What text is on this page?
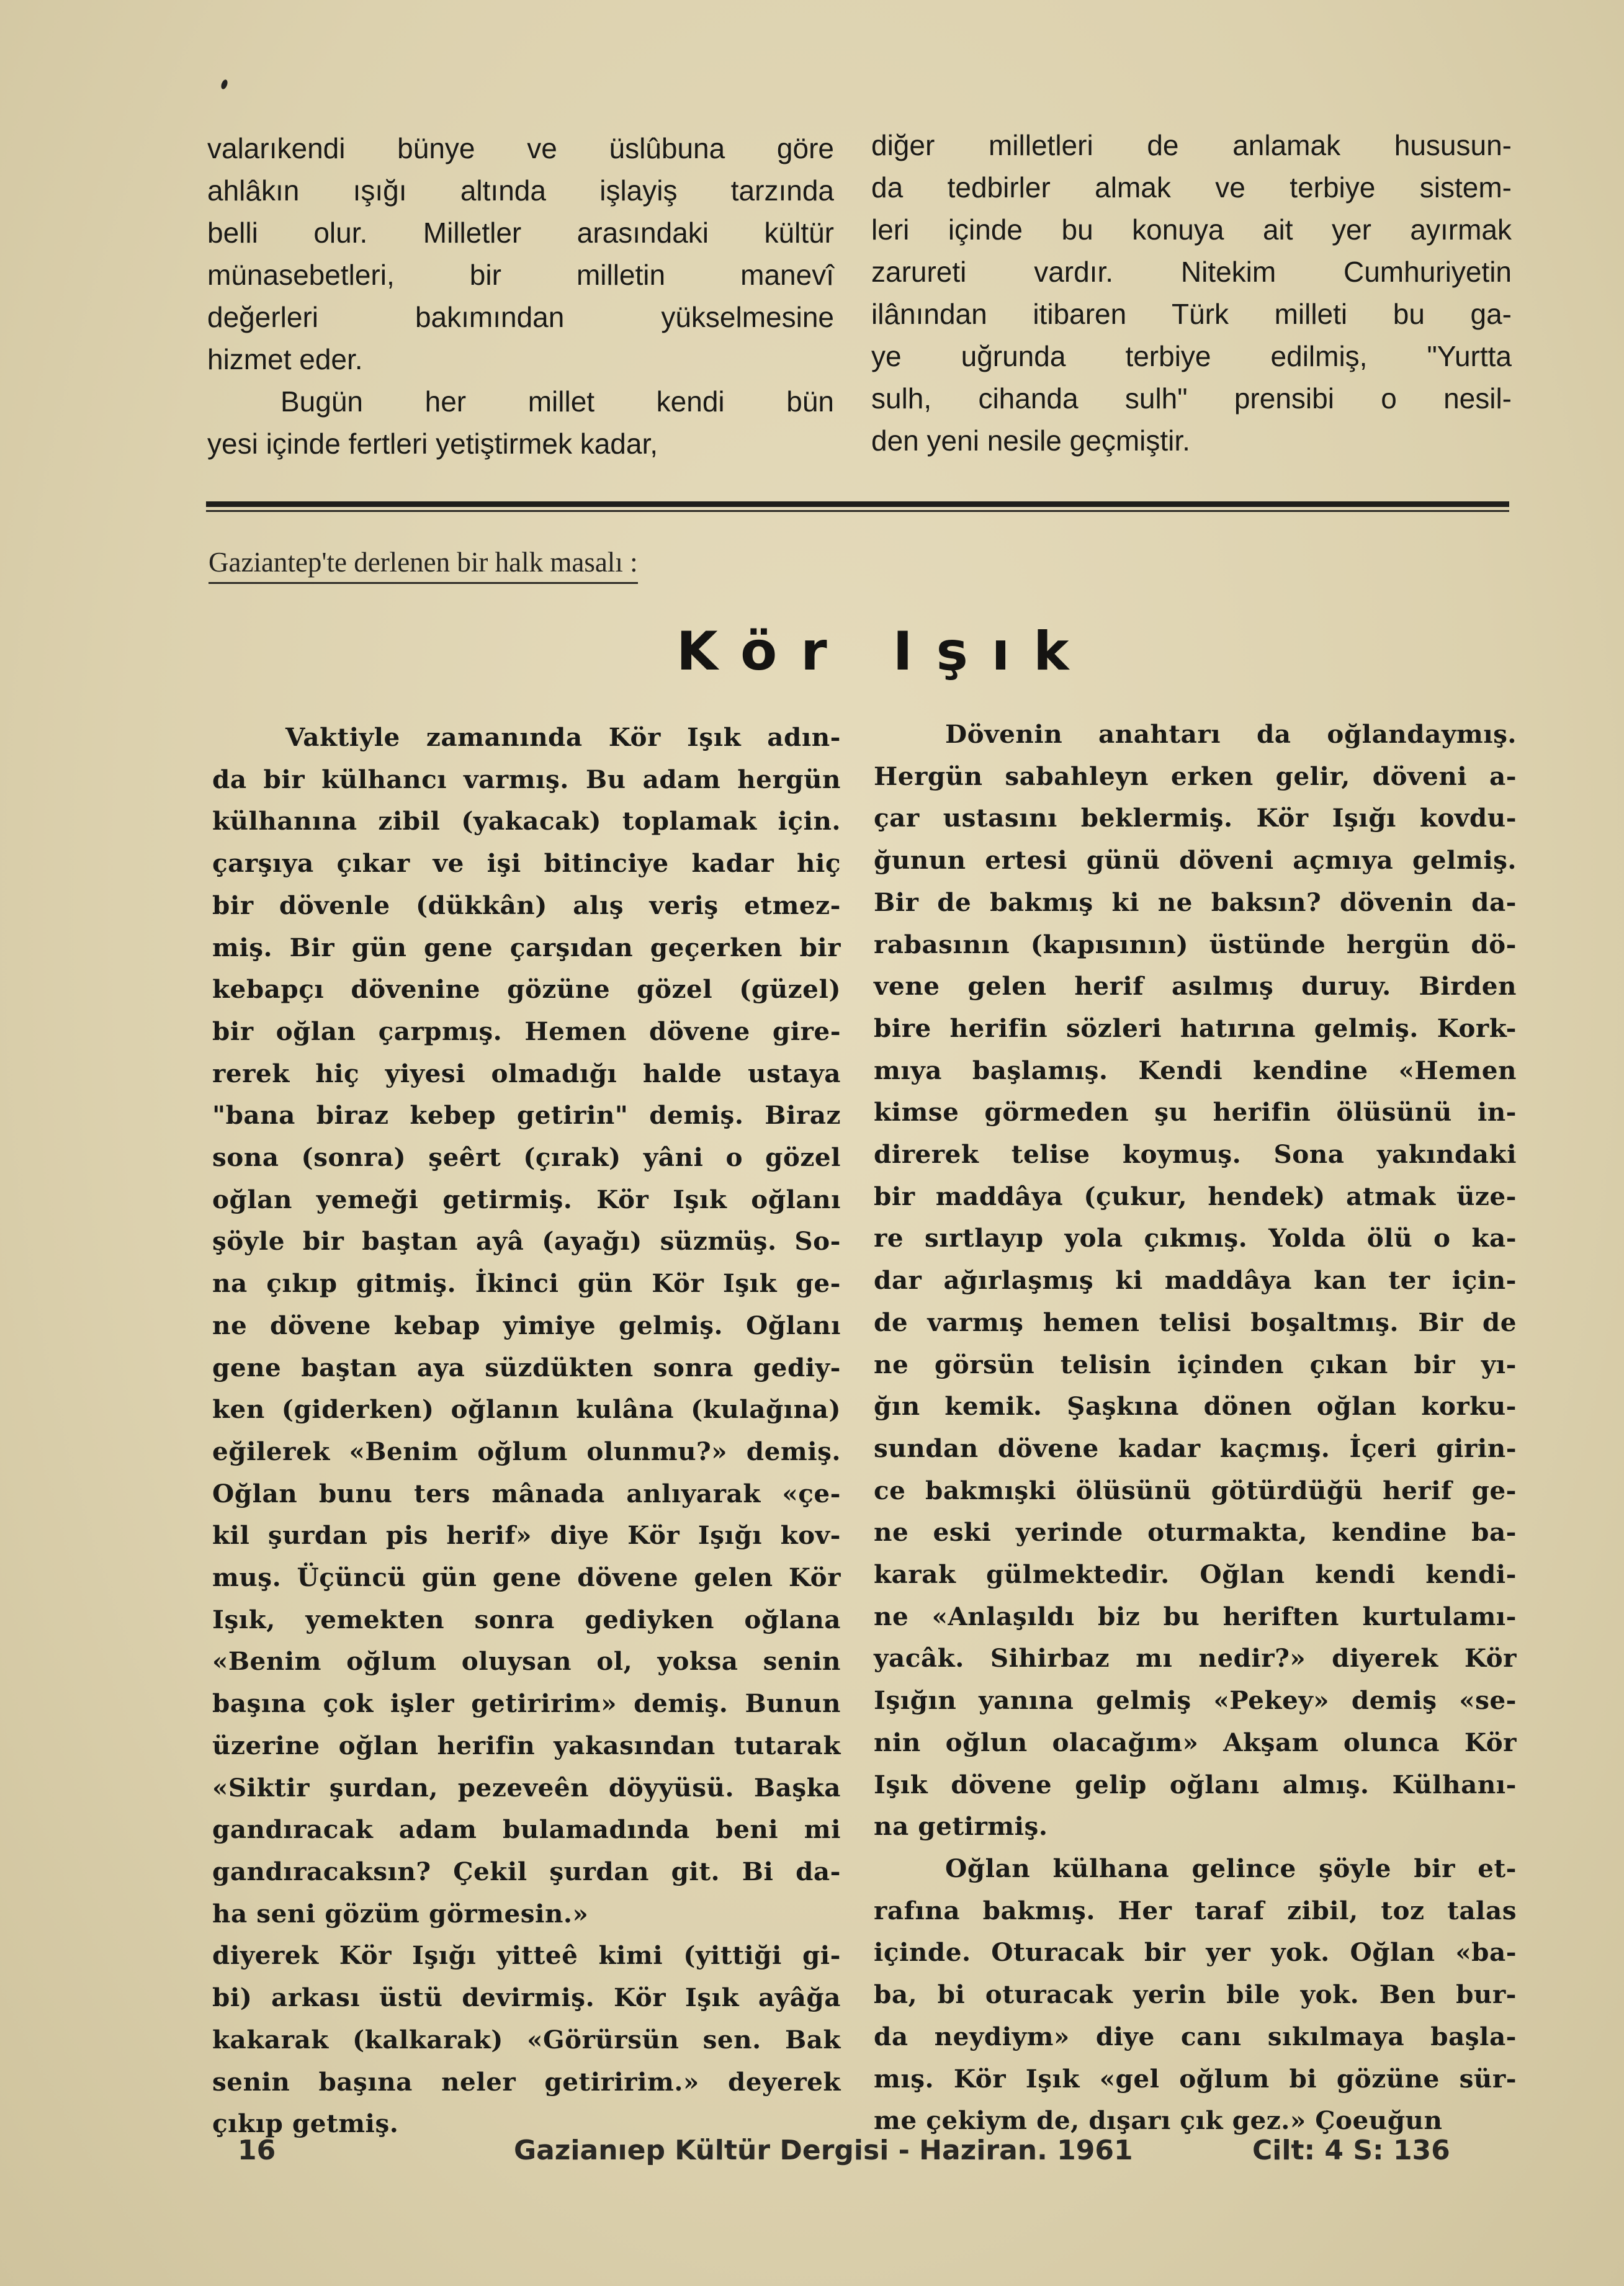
valarıkendi bünye ve üslûbuna göre
ahlâkın ışığı altında işlayiş tarzında
belli olur. Milletler arasındaki kültür
münasebetleri, bir milletin manevî
değerleri bakımından yükselmesine
hizmet eder.
Bugün her millet kendi bün
yesi içinde fertleri yetiştirmek kadar,
diğer milletleri de anlamak hususun-
da tedbirler almak ve terbiye sistem-
leri içinde bu konuya ait yer ayırmak
zarureti vardır. Nitekim Cumhuriyetin
ilânından itibaren Türk milleti bu ga-
ye uğrunda terbiye edilmiş, "Yurtta
sulh, cihanda sulh" prensibi o nesil-
den yeni nesile geçmiştir.
Gaziantep'te derlenen bir halk masalı :
Kör Işık
Vaktiyle zamanında Kör Işık adın-
da bir külhancı varmış. Bu adam hergün
külhanına zibil (yakacak) toplamak için.
çarşıya çıkar ve işi bitinciye kadar hiç
bir dövenle (dükkân) alış veriş etmez-
miş. Bir gün gene çarşıdan geçerken bir
kebapçı dövenine gözüne gözel (güzel)
bir oğlan çarpmış. Hemen dövene gire-
rerek hiç yiyesi olmadığı halde ustaya
"bana biraz kebep getirin" demiş. Biraz
sona (sonra) şeêrt (çırak) yâni o gözel
oğlan yemeği getirmiş. Kör Işık oğlanı
şöyle bir baştan ayâ (ayağı) süzmüş. So-
na çıkıp gitmiş. İkinci gün Kör Işık ge-
ne dövene kebap yimiye gelmiş. Oğlanı
gene baştan aya süzdükten sonra gediy-
ken (giderken) oğlanın kulâna (kulağına)
eğilerek «Benim oğlum olunmu?» demiş.
Oğlan bunu ters mânada anlıyarak «çe-
kil şurdan pis herif» diye Kör Işığı kov-
muş. Üçüncü gün gene dövene gelen Kör
Işık, yemekten sonra gediyken oğlana
«Benim oğlum oluysan ol, yoksa senin
başına çok işler getiririm» demiş. Bunun
üzerine oğlan herifin yakasından tutarak
«Siktir şurdan, pezeveên döyyüsü. Başka
gandıracak adam bulamadında beni mi
gandıracaksın? Çekil şurdan git. Bi da-
ha seni gözüm görmesin.»
diyerek Kör Işığı yitteê kimi (yittiği gi-
bi) arkası üstü devirmiş. Kör Işık ayâğa
kakarak (kalkarak) «Görürsün sen. Bak
senin başına neler getiririm.» deyerek
çıkıp getmiş.
Dövenin anahtarı da oğlandaymış.
Hergün sabahleyn erken gelir, döveni a-
çar ustasını beklermiş. Kör Işığı kovdu-
ğunun ertesi günü döveni açmıya gelmiş.
Bir de bakmış ki ne baksın? dövenin da-
rabasının (kapısının) üstünde hergün dö-
vene gelen herif asılmış duruy. Birden
bire herifin sözleri hatırına gelmiş. Kork-
mıya başlamış. Kendi kendine «Hemen
kimse görmeden şu herifin ölüsünü in-
direrek telise koymuş. Sona yakındaki
bir maddâya (çukur, hendek) atmak üze-
re sırtlayıp yola çıkmış. Yolda ölü o ka-
dar ağırlaşmış ki maddâya kan ter için-
de varmış hemen telisi boşaltmış. Bir de
ne görsün telisin içinden çıkan bir yı-
ğın kemik. Şaşkına dönen oğlan korku-
sundan dövene kadar kaçmış. İçeri girin-
ce bakmışki ölüsünü götürdüğü herif ge-
ne eski yerinde oturmakta, kendine ba-
karak gülmektedir. Oğlan kendi kendi-
ne «Anlaşıldı biz bu heriften kurtulamı-
yacâk. Sihirbaz mı nedir?» diyerek Kör
Işığın yanına gelmiş «Pekey» demiş «se-
nin oğlun olacağım» Akşam olunca Kör
Işık dövene gelip oğlanı almış. Külhanı-
na getirmiş.
Oğlan külhana gelince şöyle bir et-
rafına bakmış. Her taraf zibil, toz talas
içinde. Oturacak bir yer yok. Oğlan «ba-
ba, bi oturacak yerin bile yok. Ben bur-
da neydiym» diye canı sıkılmaya başla-
mış. Kör Işık «gel oğlum bi gözüne sür-
me çekiym de, dışarı çık gez.» Çoeuğun
16	Gazianıep Kültür Dergisi - Haziran. 1961	Cilt: 4 S: 136
